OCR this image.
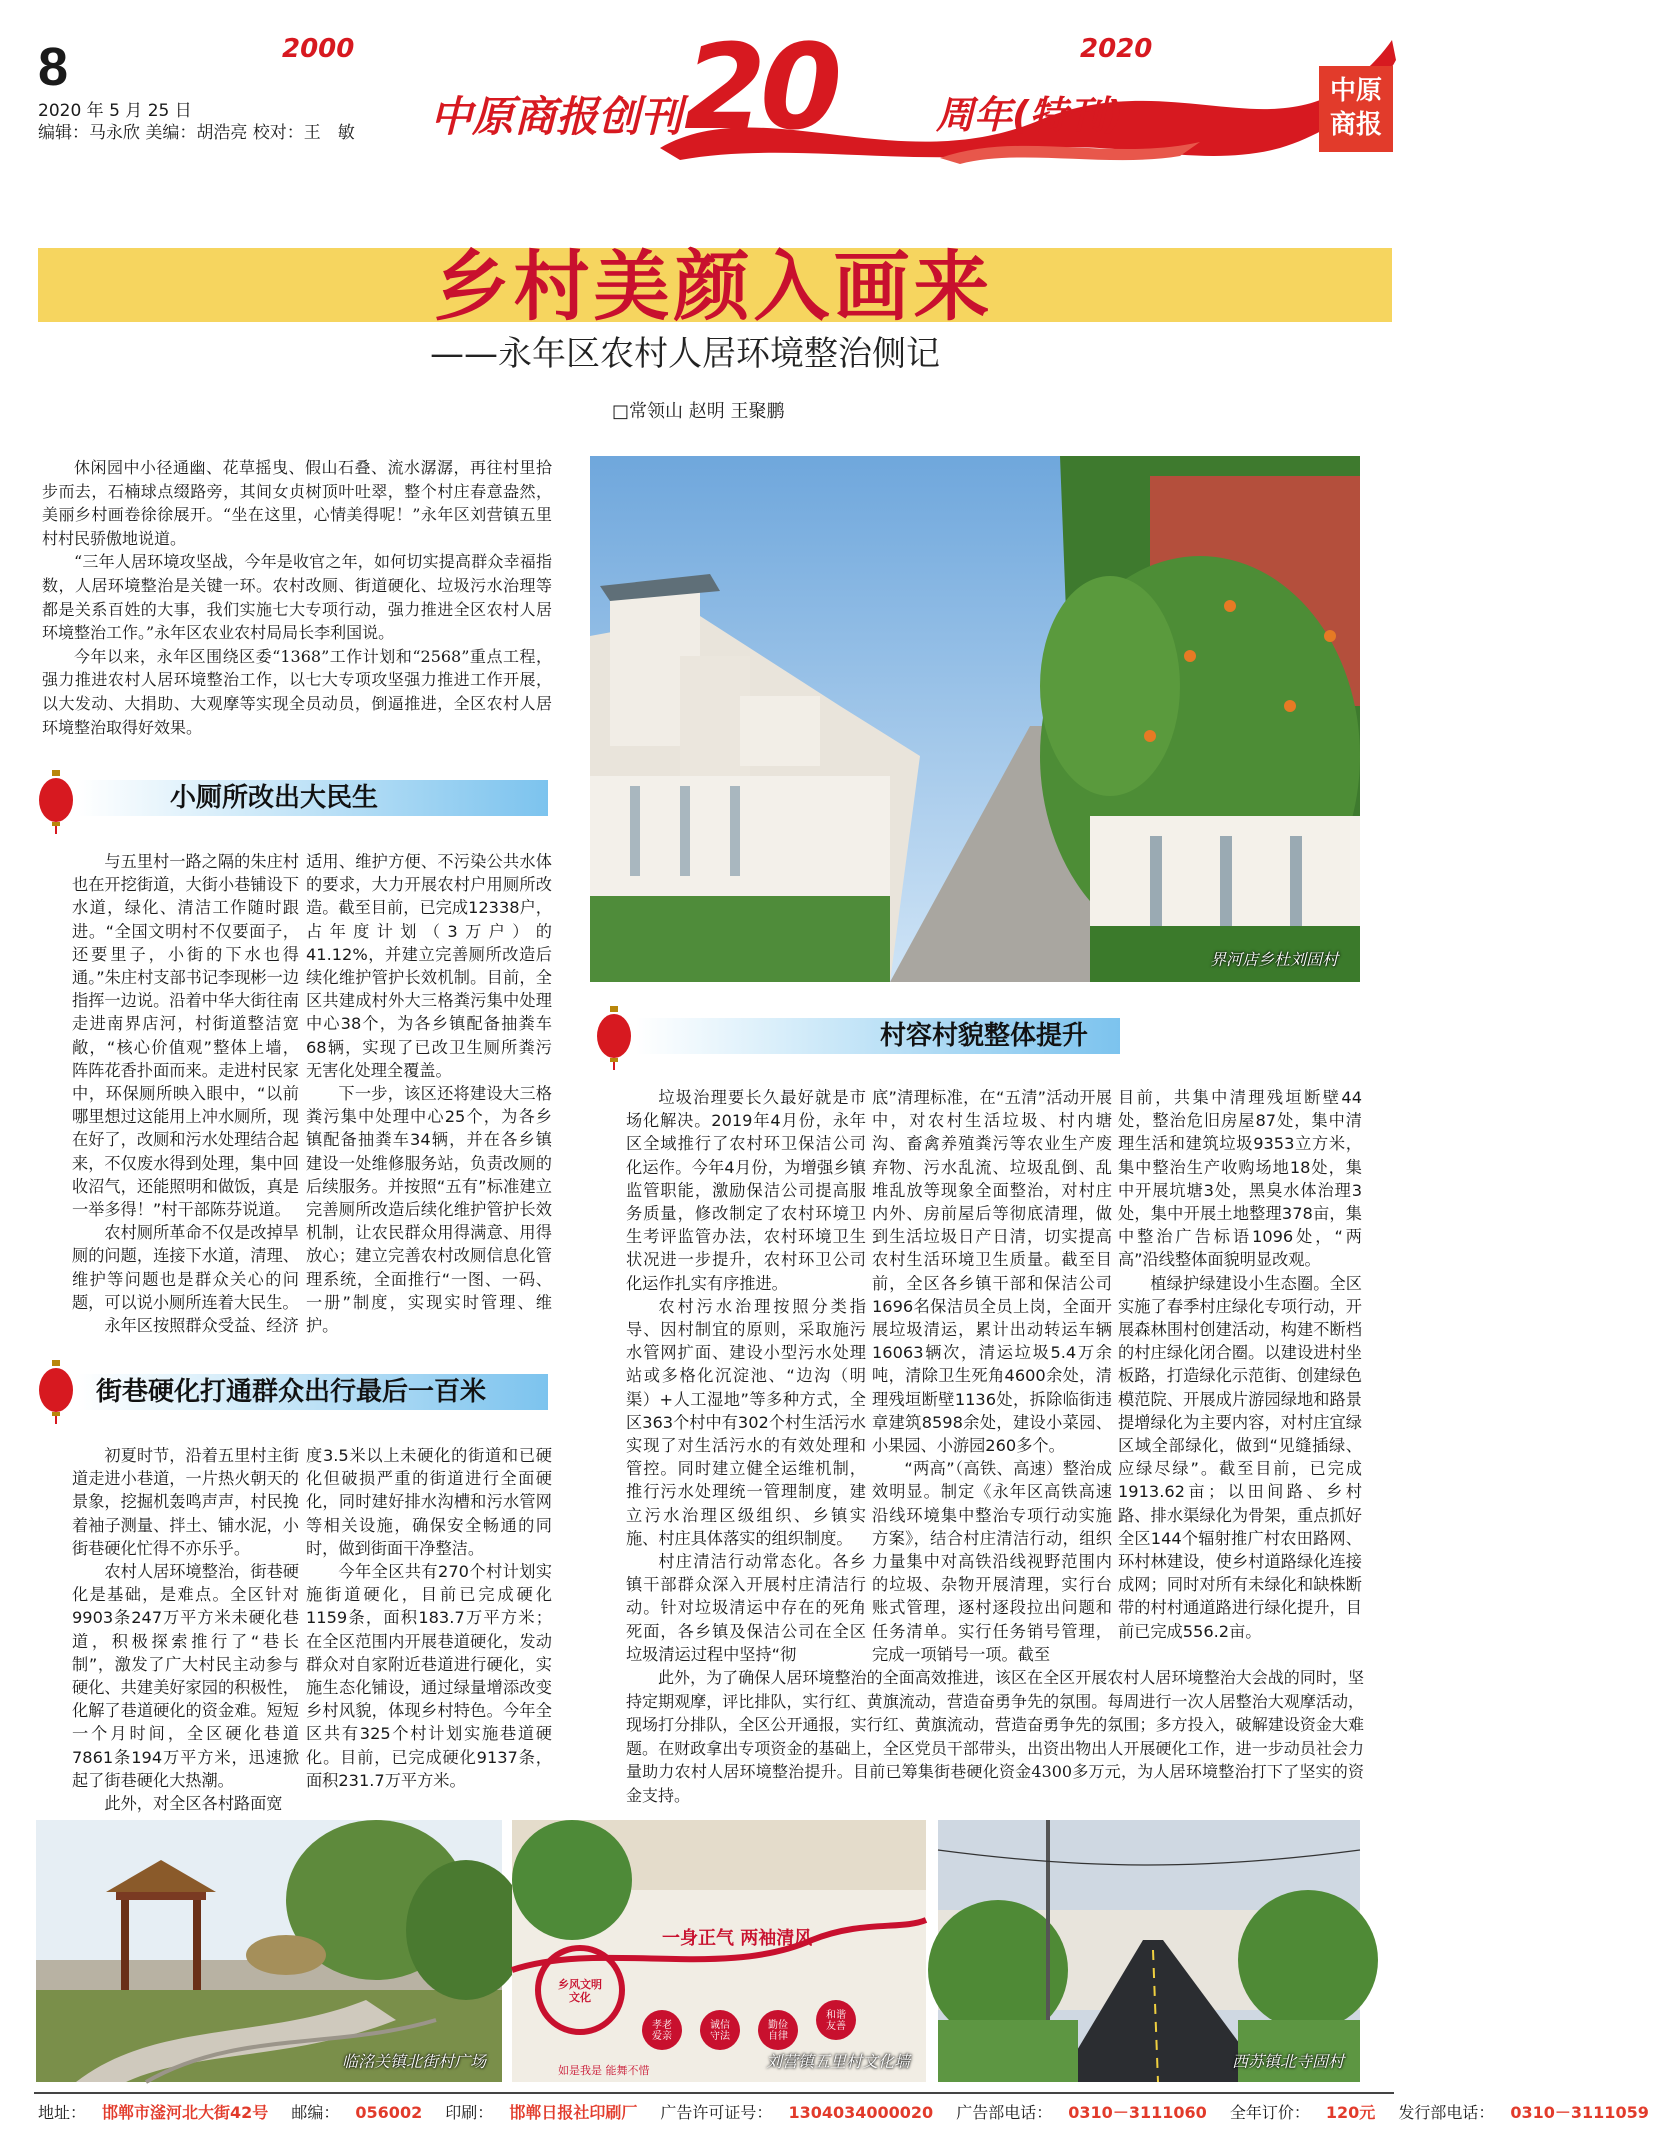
8
2020 年 5 月 25 日
编辑：马永欣 美编：胡浩亮 校对：王　敏
2000	2020
中原商报创刊 20	周年(特刊)
中原
商报
乡村美颜入画来
——永年区农村人居环境整治侧记
□常领山 赵明 王聚鹏

休闲园中小径通幽、花草摇曳、假山石叠、流水潺潺，再往村里拾步而去，石楠球点缀路旁，其间女贞树顶叶吐翠，整个村庄春意盎然，美丽乡村画卷徐徐展开。“坐在这里，心情美得呢！”永年区刘营镇五里村村民骄傲地说道。

“三年人居环境攻坚战，今年是收官之年，如何切实提高群众幸福指数，人居环境整治是关键一环。农村改厕、街道硬化、垃圾污水治理等都是关系百姓的大事，我们实施七大专项行动，强力推进全区农村人居环境整治工作。”永年区农业农村局局长李利国说。

今年以来，永年区围绕区委“1368”工作计划和“2568”重点工程，强力推进农村人居环境整治工作，以七大专项攻坚强力推进工作开展，以大发动、大捐助、大观摩等实现全员动员，倒逼推进，全区农村人居环境整治取得好效果。

界河店乡杜刘固村
小厕所改出大民生

与五里村一路之隔的朱庄村也在开挖街道，大街小巷铺设下水道，绿化、清洁工作随时跟进。“全国文明村不仅要面子，还要里子，小街的下水也得通。”朱庄村支部书记李现彬一边指挥一边说。沿着中华大街往南走进南界店河，村街道整洁宽敞，“核心价值观”整体上墙，阵阵花香扑面而来。走进村民家中，环保厕所映入眼中，“以前哪里想过这能用上冲水厕所，现在好了，改厕和污水处理结合起来，不仅废水得到处理，集中回收沼气，还能照明和做饭，真是一举多得！”村干部陈芬说道。

农村厕所革命不仅是改掉旱厕的问题，连接下水道，清理、维护等问题也是群众关心的问题，可以说小厕所连着大民生。

永年区按照群众受益、经济

适用、维护方便、不污染公共水体的要求，大力开展农村户用厕所改造。截至目前，已完成12338户，占年度计划（3万户）的41.12%，并建立完善厕所改造后续化维护管护长效机制。目前，全区共建成村外大三格粪污集中处理中心38个，为各乡镇配备抽粪车68辆，实现了已改卫生厕所粪污无害化处理全覆盖。

下一步，该区还将建设大三格粪污集中处理中心25个，为各乡镇配备抽粪车34辆，并在各乡镇建设一处维修服务站，负责改厕的后续服务。并按照“五有”标准建立完善厕所改造后续化维护管护长效机制，让农民群众用得满意、用得放心；建立完善农村改厕信息化管理系统，全面推行“一图、一码、一册”制度，实现实时管理、维护。

街巷硬化打通群众出行最后一百米

初夏时节，沿着五里村主街道走进小巷道，一片热火朝天的景象，挖掘机轰鸣声声，村民挽着袖子测量、拌土、铺水泥，小街巷硬化忙得不亦乐乎。

农村人居环境整治，街巷硬化是基础，是难点。全区针对9903条247万平方米未硬化巷道，积极探索推行了“巷长制”，激发了广大村民主动参与硬化、共建美好家园的积极性，化解了巷道硬化的资金难。短短一个月时间，全区硬化巷道7861条194万平方米，迅速掀起了街巷硬化大热潮。

此外，对全区各村路面宽

度3.5米以上未硬化的街道和已硬化但破损严重的街道进行全面硬化，同时建好排水沟槽和污水管网等相关设施，确保安全畅通的同时，做到街面干净整洁。

今年全区共有270个村计划实施街道硬化，目前已完成硬化1159条，面积183.7万平方米；在全区范围内开展巷道硬化，发动群众对自家附近巷道进行硬化，实施生态化铺设，通过绿量增添改变乡村风貌，体现乡村特色。今年全区共有325个村计划实施巷道硬化。目前，已完成硬化9137条，面积231.7万平方米。

村容村貌整体提升

垃圾治理要长久最好就是市场化解决。2019年4月份，永年区全域推行了农村环卫保洁公司化运作。今年4月份，为增强乡镇监管职能，激励保洁公司提高服务质量，修改制定了农村环境卫生考评监管办法，农村环境卫生状况进一步提升，农村环卫公司化运作扎实有序推进。

农村污水治理按照分类指导、因村制宜的原则，采取施污水管网扩面、建设小型污水处理站或多格化沉淀池、“边沟（明渠）+人工湿地”等多种方式，全区363个村中有302个村生活污水实现了对生活污水的有效处理和管控。同时建立健全运维机制，推行污水处理统一管理制度，建立污水治理区级组织、乡镇实施、村庄具体落实的组织制度。

村庄清洁行动常态化。各乡镇干部群众深入开展村庄清洁行动。针对垃圾清运中存在的死角死面，各乡镇及保洁公司在全区垃圾清运过程中坚持“彻

底”清理标准，在“五清”活动开展中，对农村生活垃圾、村内塘沟、畜禽养殖粪污等农业生产废弃物、污水乱流、垃圾乱倒、乱堆乱放等现象全面整治，对村庄内外、房前屋后等彻底清理，做到生活垃圾日产日清，切实提高农村生活环境卫生质量。截至目前，全区各乡镇干部和保洁公司1696名保洁员全员上岗，全面开展垃圾清运，累计出动转运车辆16063辆次，清运垃圾5.4万余吨，清除卫生死角4600余处，清理残垣断壁1136处，拆除临街违章建筑8598余处，建设小菜园、小果园、小游园260多个。

“两高”（高铁、高速）整治成效明显。制定《永年区高铁高速沿线环境集中整治专项行动实施方案》，结合村庄清洁行动，组织力量集中对高铁沿线视野范围内的垃圾、杂物开展清理，实行台账式管理，逐村逐段拉出问题和任务清单。实行任务销号管理，完成一项销号一项。截至

目前，共集中清理残垣断壁44处，整治危旧房屋87处，集中清理生活和建筑垃圾9353立方米，集中整治生产收购场地18处，集中开展坑塘3处，黑臭水体治理3处，集中开展土地整理378亩，集中整治广告标语1096处，“两高”沿线整体面貌明显改观。

植绿护绿建设小生态圈。全区实施了春季村庄绿化专项行动，开展森林围村创建活动，构建不断档的村庄绿化闭合圈。以建设进村坐板路，打造绿化示范街、创建绿色模范院、开展成片游园绿地和路景提增绿化为主要内容，对村庄宜绿区域全部绿化，做到“见缝插绿、应绿尽绿”。截至目前，已完成1913.62亩；以田间路、乡村路、排水渠绿化为骨架，重点抓好全区144个辐射推广村农田路网、环村林建设，使乡村道路绿化连接成网；同时对所有未绿化和缺株断带的村村通道路进行绿化提升，目前已完成556.2亩。

此外，为了确保人居环境整治的全面高效推进，该区在全区开展农村人居环境整治大会战的同时，坚持定期观摩，评比排队，实行红、黄旗流动，营造奋勇争先的氛围。每周进行一次人居整治大观摩活动，现场打分排队，全区公开通报，实行红、黄旗流动，营造奋勇争先的氛围；多方投入，破解建设资金大难题。在财政拿出专项资金的基础上，全区党员干部带头，出资出物出人开展硬化工作，进一步动员社会力量助力农村人居环境整治提升。目前已筹集街巷硬化资金4300多万元，为人居环境整治打下了坚实的资金支持。

临洺关镇北街村广场
一身正气 两袖清风
乡风文明文化
孝老爱亲
诚信守法
勤俭自律
和谐友善
如是我是 能舞不惜	刘营镇五里村文化墙	西苏镇北寺固村
地址： 邯郸市滏河北大街42号 邮编： 056002 印刷： 邯郸日报社印刷厂 广告许可证号： 1304034000020 广告部电话： 0310－3111060 全年订价： 120元 发行部电话： 0310－3111059
